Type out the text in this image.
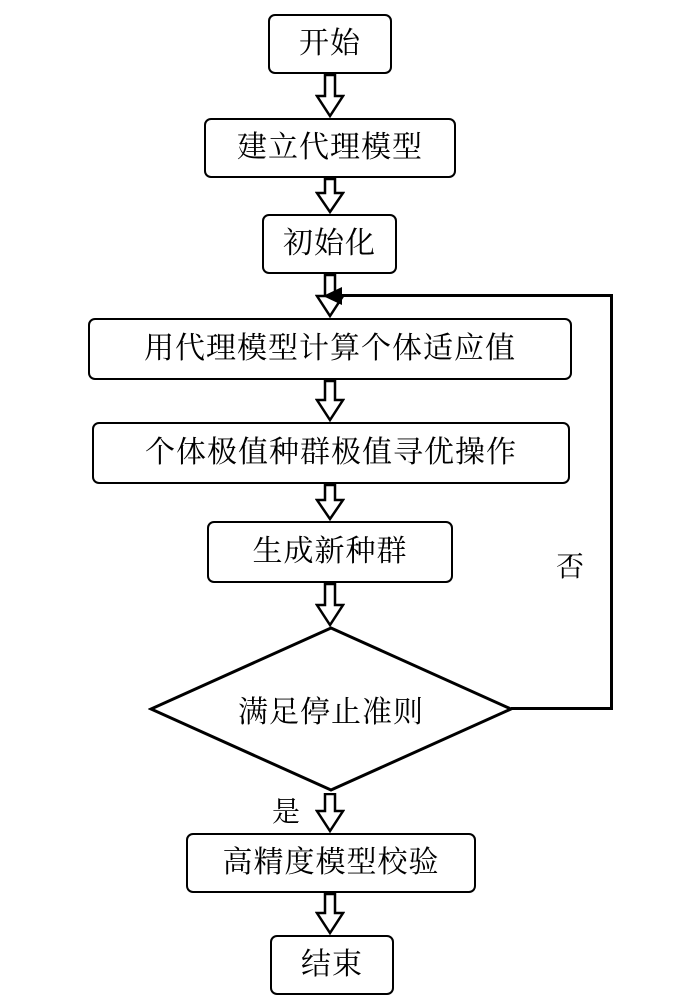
开始
建立代理模型
初始化
用代理模型计算个体适应值
个体极值种群极值寻优操作
生成新种群
满足停止准则
高精度模型校验
结束
否
是
